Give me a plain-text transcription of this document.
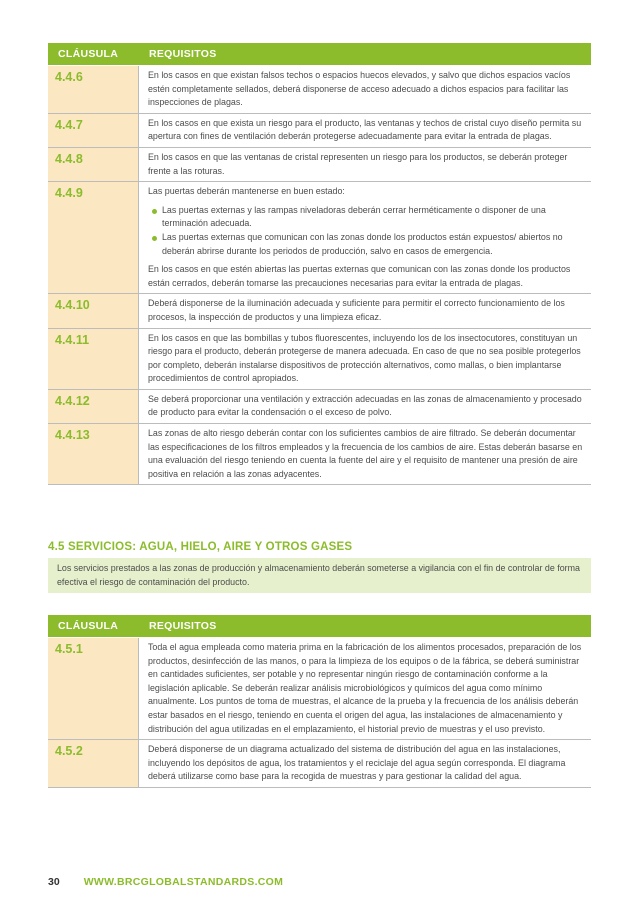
CLÁUSULA	REQUISITOS
4.4.6	En los casos en que existan falsos techos o espacios huecos elevados, y salvo que dichos espacios vacíos estén completamente sellados, deberá disponerse de acceso adecuado a dichos espacios para facilitar las inspecciones de plagas.

4.4.7	En los casos en que exista un riesgo para el producto, las ventanas y techos de cristal cuyo diseño permita su apertura con fines de ventilación deberán protegerse adecuadamente para evitar la entrada de plagas.

4.4.8	En los casos en que las ventanas de cristal representen un riesgo para los productos, se deberán proteger frente a las roturas.

4.4.9	Las puertas deberán mantenerse en buen estado:

Las puertas externas y las rampas niveladoras deberán cerrar herméticamente o disponer de una terminación adecuada.
Las puertas externas que comunican con las zonas donde los productos están expuestos/ abiertos no deberán abrirse durante los periodos de producción, salvo en casos de emergencia.

En los casos en que estén abiertas las puertas externas que comunican con las zonas donde los productos están cerrados, deberán tomarse las precauciones necesarias para evitar la entrada de plagas.

4.4.10	Deberá disponerse de la iluminación adecuada y suficiente para permitir el correcto funcionamiento de los procesos, la inspección de productos y una limpieza eficaz.

4.4.11	En los casos en que las bombillas y tubos fluorescentes, incluyendo los de los insectocutores, constituyan un riesgo para el producto, deberán protegerse de manera adecuada. En caso de que no sea posible protegerlos por completo, deberán instalarse dispositivos de protección alternativos, como mallas, o bien implantarse procedimientos de control apropiados.

4.4.12	Se deberá proporcionar una ventilación y extracción adecuadas en las zonas de almacenamiento y procesado de producto para evitar la condensación o el exceso de polvo.

4.4.13	Las zonas de alto riesgo deberán contar con los suficientes cambios de aire filtrado. Se deberán documentar las especificaciones de los filtros empleados y la frecuencia de los cambios de aire. Estas deberán basarse en una evaluación del riesgo teniendo en cuenta la fuente del aire y el requisito de mantener una presión de aire positiva en relación a las zonas adyacentes.

4.5 SERVICIOS: AGUA, HIELO, AIRE Y OTROS GASES
Los servicios prestados a las zonas de producción y almacenamiento deberán someterse a vigilancia con el fin de controlar de forma efectiva el riesgo de contaminación del producto.
CLÁUSULA	REQUISITOS
4.5.1	Toda el agua empleada como materia prima en la fabricación de los alimentos procesados, preparación de los productos, desinfección de las manos, o para la limpieza de los equipos o de la fábrica, se deberá suministrar en cantidades suficientes, ser potable y no representar ningún riesgo de contaminación conforme a la legislación aplicable. Se deberán realizar análisis microbiológicos y químicos del agua como mínimo anualmente. Los puntos de toma de muestras, el alcance de la prueba y la frecuencia de los análisis deberán estar basados en el riesgo, teniendo en cuenta el origen del agua, las instalaciones de almacenamiento y distribución del agua utilizadas en el emplazamiento, el historial previo de muestras y el uso previsto.

4.5.2	Deberá disponerse de un diagrama actualizado del sistema de distribución del agua en las instalaciones, incluyendo los depósitos de agua, los tratamientos y el reciclaje del agua según corresponda. El diagrama deberá utilizarse como base para la recogida de muestras y para gestionar la calidad del agua.

30 WWW.BRCGLOBALSTANDARDS.COM
